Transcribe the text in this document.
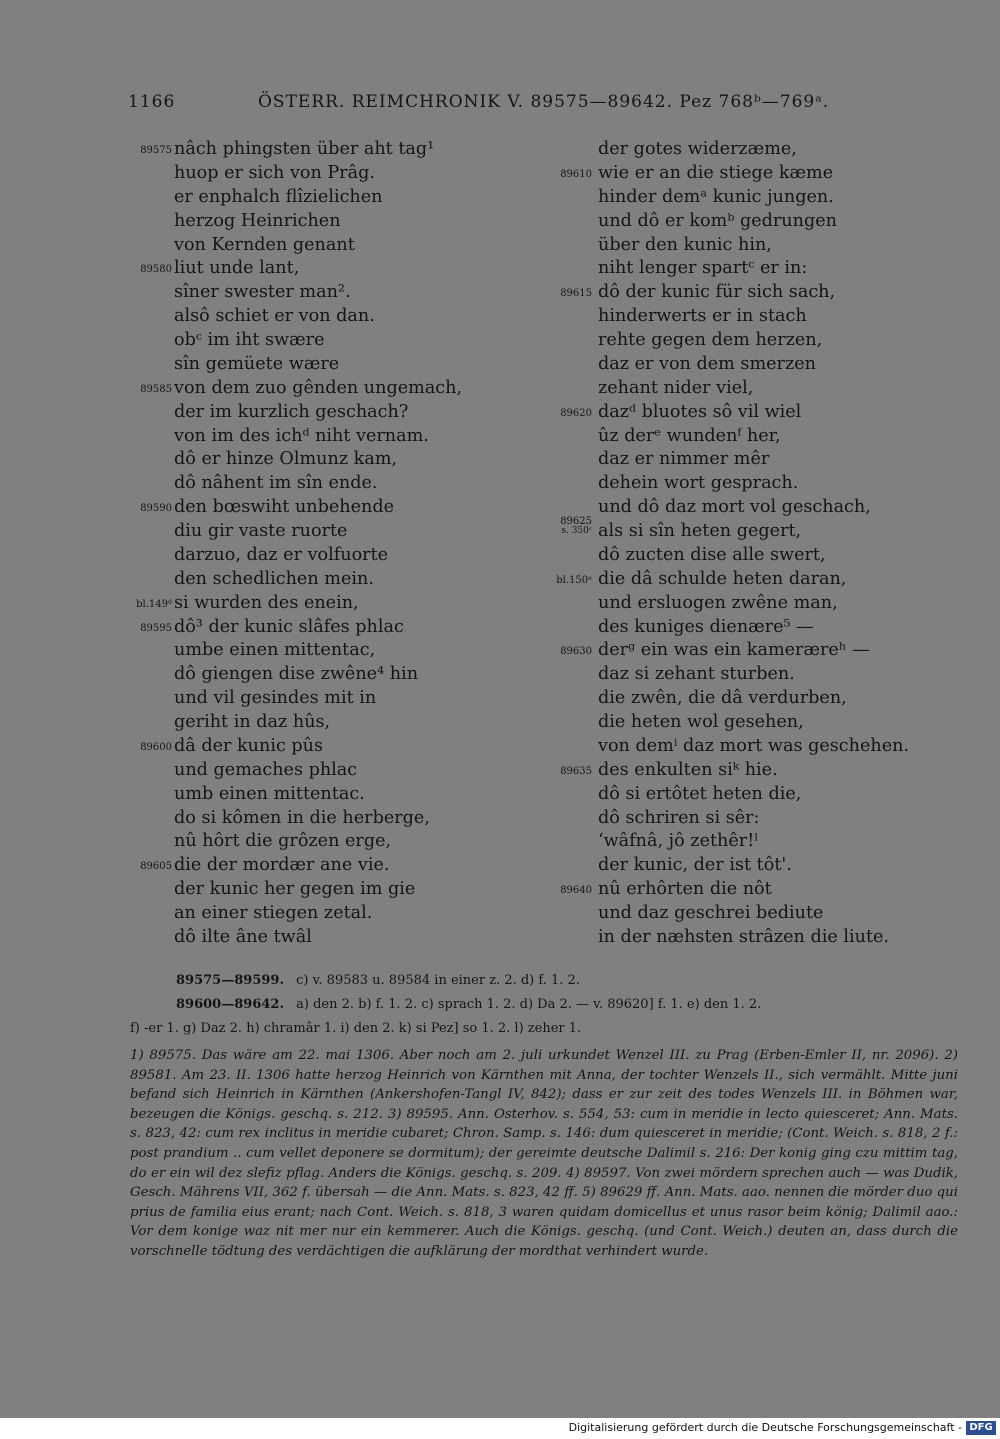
1166	ÖSTERR. REIMCHRONIK V. 89575—89642. Pez 768ᵇ—769ᵃ.
89575 nâch phingsten über aht tag¹
huop er sich von Prâg.
er enphalch flîzielichen
herzog Heinrichen
von Kernden genant
89580 liut unde lant,
sîner swester man².
alsô schiet er von dan.
obᶜ im iht swære
sîn gemüete wære
89585 von dem zuo gênden ungemach,
der im kurzlich geschach?
von im des ichᵈ niht vernam.
dô er hinze Olmunz kam,
dô nâhent im sîn ende.
89590 den bœswiht unbehende
diu gir vaste ruorte
darzuo, daz er volfuorte
den schedlichen mein.
bl.149ᵈ si wurden des enein,
89595 dô³ der kunic slâfes phlac
umbe einen mittentac,
dô giengen dise zwêne⁴ hin
und vil gesindes mit in
geriht in daz hûs,
89600 dâ der kunic pûs
und gemaches phlac
umb einen mittentac.
do si kômen in die herberge,
nû hôrt die grôzen erge,
89605 die der mordær ane vie.
der kunic her gegen im gie
an einer stiegen zetal.
dô ilte âne twâl
der gotes widerzæme,
89610 wie er an die stiege kæme
hinder demᵃ kunic jungen.
und dô er komᵇ gedrungen
über den kunic hin,
niht lenger spartᶜ er in:
89615 dô der kunic für sich sach,
hinderwerts er in stach
rehte gegen dem herzen,
daz er von dem smerzen
zehant nider viel,
89620 dazᵈ bluotes sô vil wiel
ûz derᵉ wundenᶠ her,
daz er nimmer mêr
dehein wort gesprach.
und dô daz mort vol geschach,
89625
s. 350ᶜ als si sîn heten gegert,
dô zucten dise alle swert,
bl.150ᵃ die dâ schulde heten daran,
und ersluogen zwêne man,
des kuniges dienære⁵ —
89630 derᵍ ein was ein kameræreʰ —
daz si zehant sturben.
die zwên, die dâ verdurben,
die heten wol gesehen,
von demⁱ daz mort was geschehen.
89635 des enkulten siᵏ hie.
dô si ertôtet heten die,
dô schriren si sêr:
ʻwâfnâ, jô zethêr!ˡ
der kunic, der ist tôt'.
89640 nû erhôrten die nôt
und daz geschrei bediute
in der næhsten strâzen die liute.
89575—89599. c) v. 89583 u. 89584 in einer z. 2. d) f. 1. 2.
89600—89642. a) den 2. b) f. 1. 2. c) sprach 1. 2. d) Da 2. — v. 89620] f. 1. e) den 1. 2.
f) -er 1. g) Daz 2. h) chramâr 1. i) den 2. k) si Pez] so 1. 2. l) zeher 1.
1) 89575. Das wäre am 22. mai 1306. Aber noch am 2. juli urkundet Wenzel III. zu Prag (Erben-Emler II, nr. 2096). 2) 89581. Am 23. II. 1306 hatte herzog Heinrich von Kärnthen mit Anna, der tochter Wenzels II., sich vermählt. Mitte juni befand sich Heinrich in Kärnthen (Ankershofen-Tangl IV, 842); dass er zur zeit des todes Wenzels III. in Böhmen war, bezeugen die Königs. geschq. s. 212. 3) 89595. Ann. Osterhov. s. 554, 53: cum in meridie in lecto quiesceret; Ann. Mats. s. 823, 42: cum rex inclitus in meridie cubaret; Chron. Samp. s. 146: dum quiesceret in meridie; (Cont. Weich. s. 818, 2 f.: post prandium .. cum vellet deponere se dormitum); der gereimte deutsche Dalimil s. 216: Der konig ging czu mittim tag, do er ein wil dez slefiz pflag. Anders die Königs. geschq. s. 209. 4) 89597. Von zwei mördern sprechen auch — was Dudik, Gesch. Mährens VII, 362 f. übersah — die Ann. Mats. s. 823, 42 ff. 5) 89629 ff. Ann. Mats. aao. nennen die mörder duo qui prius de familia eius erant; nach Cont. Weich. s. 818, 3 waren quidam domicellus et unus rasor beim könig; Dalimil aao.: Vor dem konige waz nit mer nur ein kemmerer. Auch die Königs. geschq. (und Cont. Weich.) deuten an, dass durch die vorschnelle tödtung des verdächtigen die aufklärung der mordthat verhindert wurde.
Digitalisierung gefördert durch die Deutsche Forschungsgemeinschaft - DFG
